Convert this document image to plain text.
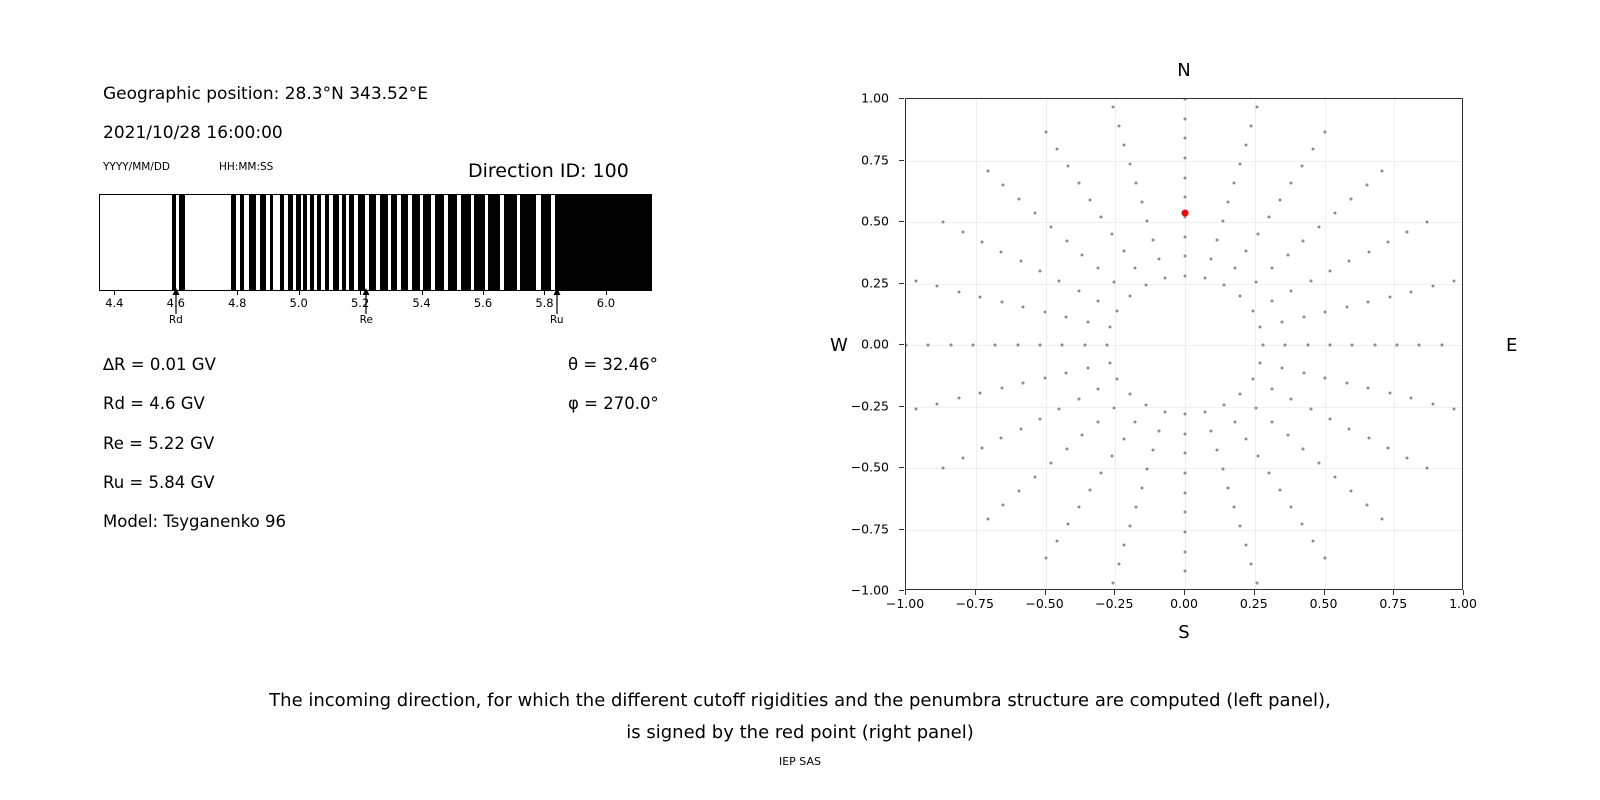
Geographic position: 28.3°N 343.52°E
2021/10/28 16:00:00
YYYY/MM/DD	HH:MM:SS	Direction ID: 100
4.4	4.6	4.8	5.0	5.2	5.4	5.6	5.8	6.0
Rd	Re	Ru
∆R = 0.01 GV
Rd = 4.6 GV
Re = 5.22 GV
Ru = 5.84 GV
Model: Tsyganenko 96
θ = 32.46°
φ = 270.0°
N
S
W	E
−1.00
−0.75
−0.50
−0.25
0.00
0.25
0.50
0.75
1.00
−1.00	−0.75	−0.50	−0.25	0.00	0.25	0.50	0.75	1.00
The incoming direction, for which the different cutoff rigidities and the penumbra structure are computed (left panel),
is signed by the red point (right panel)
IEP SAS
